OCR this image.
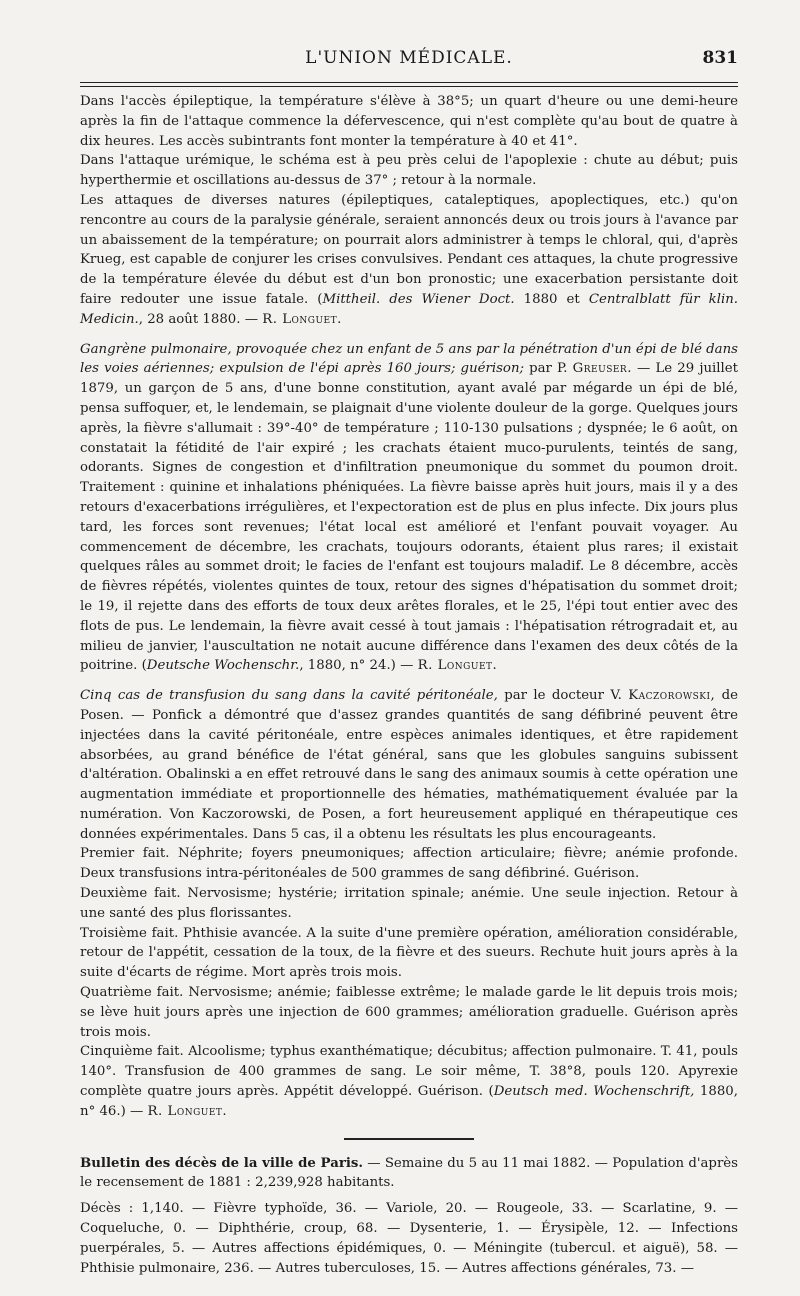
L'UNION MÉDICALE.	831

Dans l'accès épileptique, la température s'élève à 38°5; un quart d'heure ou une demi-heure après la fin de l'attaque commence la défervescence, qui n'est complète qu'au bout de quatre à dix heures. Les accès subintrants font monter la température à 40 et 41°.

Dans l'attaque urémique, le schéma est à peu près celui de l'apoplexie : chute au début; puis hyperthermie et oscillations au-dessus de 37° ; retour à la normale.

Les attaques de diverses natures (épileptiques, cataleptiques, apoplectiques, etc.) qu'on rencontre au cours de la paralysie générale, seraient annoncés deux ou trois jours à l'avance par un abaissement de la température; on pourrait alors administrer à temps le chloral, qui, d'après Krueg, est capable de conjurer les crises convulsives. Pendant ces attaques, la chute progressive de la température élevée du début est d'un bon pronostic; une exacerbation persistante doit faire redouter une issue fatale. (Mittheil. des Wiener Doct. 1880 et Centralblatt für klin. Medicin., 28 août 1880. — R. Longuet.

Gangrène pulmonaire, provoquée chez un enfant de 5 ans par la pénétration d'un épi de blé dans les voies aériennes; expulsion de l'épi après 160 jours; guérison; par P. Greuser. — Le 29 juillet 1879, un garçon de 5 ans, d'une bonne constitution, ayant avalé par mégarde un épi de blé, pensa suffoquer, et, le lendemain, se plaignait d'une violente douleur de la gorge. Quelques jours après, la fièvre s'allumait : 39°-40° de température ; 110-130 pulsations ; dyspnée; le 6 août, on constatait la fétidité de l'air expiré ; les crachats étaient muco-purulents, teintés de sang, odorants. Signes de congestion et d'infiltration pneumonique du sommet du poumon droit. Traitement : quinine et inhalations phéniquées. La fièvre baisse après huit jours, mais il y a des retours d'exacerbations irrégulières, et l'expectoration est de plus en plus infecte. Dix jours plus tard, les forces sont revenues; l'état local est amélioré et l'enfant pouvait voyager. Au commencement de décembre, les crachats, toujours odorants, étaient plus rares; il existait quelques râles au sommet droit; le facies de l'enfant est toujours maladif. Le 8 décembre, accès de fièvres répétés, violentes quintes de toux, retour des signes d'hépatisation du sommet droit; le 19, il rejette dans des efforts de toux deux arêtes florales, et le 25, l'épi tout entier avec des flots de pus. Le lendemain, la fièvre avait cessé à tout jamais : l'hépatisation rétrogradait et, au milieu de janvier, l'auscultation ne notait aucune différence dans l'examen des deux côtés de la poitrine. (Deutsche Wochenschr., 1880, n° 24.) — R. Longuet.

Cinq cas de transfusion du sang dans la cavité péritonéale, par le docteur V. Kaczorowski, de Posen. — Ponfick a démontré que d'assez grandes quantités de sang défibriné peuvent être injectées dans la cavité péritonéale, entre espèces animales identiques, et être rapidement absorbées, au grand bénéfice de l'état général, sans que les globules sanguins subissent d'altération. Obalinski a en effet retrouvé dans le sang des animaux soumis à cette opération une augmentation immédiate et proportionnelle des hématies, mathématiquement évaluée par la numération. Von Kaczorowski, de Posen, a fort heureusement appliqué en thérapeutique ces données expérimentales. Dans 5 cas, il a obtenu les résultats les plus encourageants.

Premier fait. Néphrite; foyers pneumoniques; affection articulaire; fièvre; anémie profonde. Deux transfusions intra-péritonéales de 500 grammes de sang défibriné. Guérison.

Deuxième fait. Nervosisme; hystérie; irritation spinale; anémie. Une seule injection. Retour à une santé des plus florissantes.

Troisième fait. Phthisie avancée. A la suite d'une première opération, amélioration considérable, retour de l'appétit, cessation de la toux, de la fièvre et des sueurs. Rechute huit jours après à la suite d'écarts de régime. Mort après trois mois.

Quatrième fait. Nervosisme; anémie; faiblesse extrême; le malade garde le lit depuis trois mois; se lève huit jours après une injection de 600 grammes; amélioration graduelle. Guérison après trois mois.

Cinquième fait. Alcoolisme; typhus exanthématique; décubitus; affection pulmonaire. T. 41, pouls 140°. Transfusion de 400 grammes de sang. Le soir même, T. 38°8, pouls 120. Apyrexie complète quatre jours après. Appétit développé. Guérison. (Deutsch med. Wochenschrift, 1880, n° 46.) — R. Longuet.

Bulletin des décès de la ville de Paris. — Semaine du 5 au 11 mai 1882. — Population d'après le recensement de 1881 : 2,239,928 habitants.

Décès : 1,140. — Fièvre typhoïde, 36. — Variole, 20. — Rougeole, 33. — Scarlatine, 9. — Coqueluche, 0. — Diphthérie, croup, 68. — Dysenterie, 1. — Érysipèle, 12. — Infections puerpérales, 5. — Autres affections épidémiques, 0. — Méningite (tubercul. et aiguë), 58. — Phthisie pulmonaire, 236. — Autres tuberculoses, 15. — Autres affections générales, 73. —
